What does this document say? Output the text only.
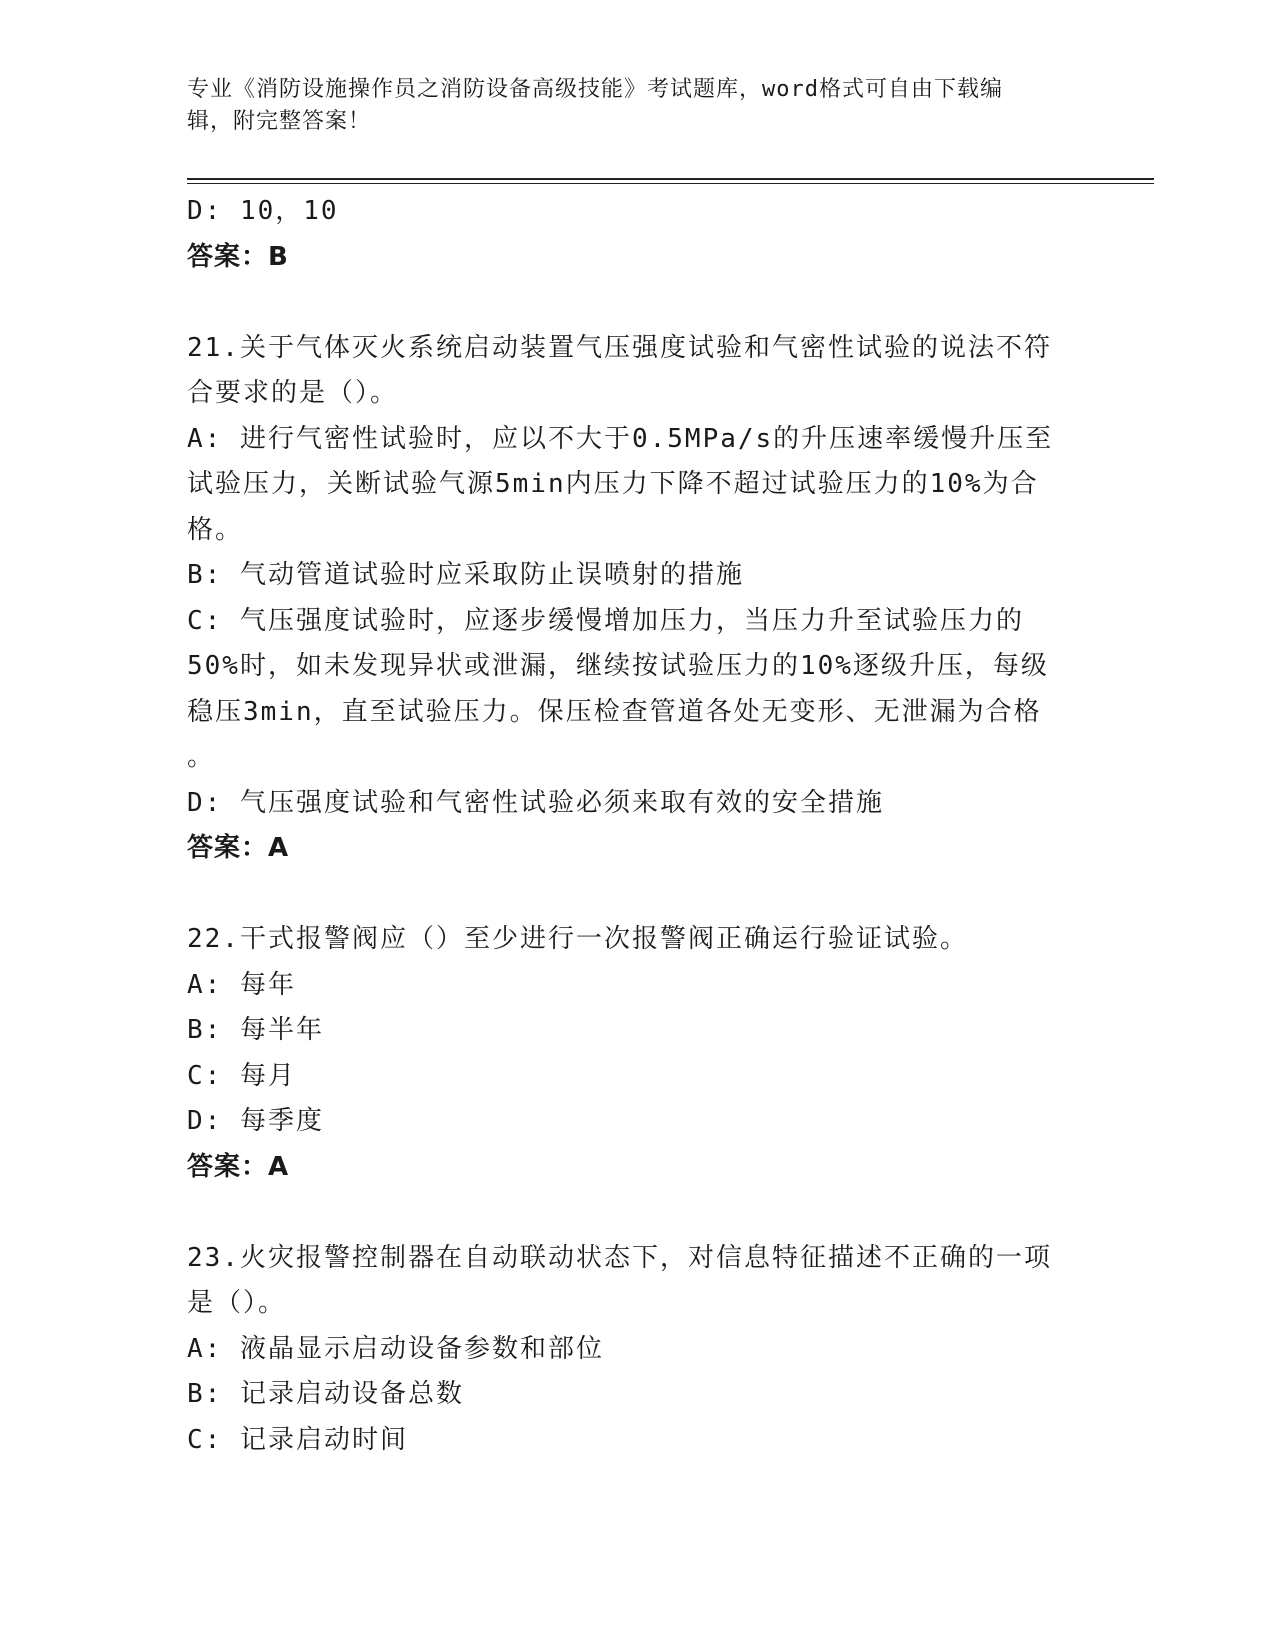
专业《消防设施操作员之消防设备高级技能》考试题库，word格式可自由下载编
辑，附完整答案！

D: 10，10

答案：B

21.关于气体灭火系统启动装置气压强度试验和气密性试验的说法不符

合要求的是（）。

A: 进行气密性试验时，应以不大于0.5MPa/s的升压速率缓慢升压至

试验压力，关断试验气源5min内压力下降不超过试验压力的10%为合

格。

B: 气动管道试验时应采取防止误喷射的措施

C: 气压强度试验时，应逐步缓慢增加压力，当压力升至试验压力的

50%时，如未发现异状或泄漏，继续按试验压力的10%逐级升压，每级

稳压3min，直至试验压力。保压检查管道各处无变形、无泄漏为合格

。

D: 气压强度试验和气密性试验必须来取有效的安全措施

答案：A

22.干式报警阀应（）至少进行一次报警阀正确运行验证试验。

A: 每年

B: 每半年

C: 每月

D: 每季度

答案：A

23.火灾报警控制器在自动联动状态下，对信息特征描述不正确的一项

是（）。

A: 液晶显示启动设备参数和部位

B: 记录启动设备总数

C: 记录启动时间
